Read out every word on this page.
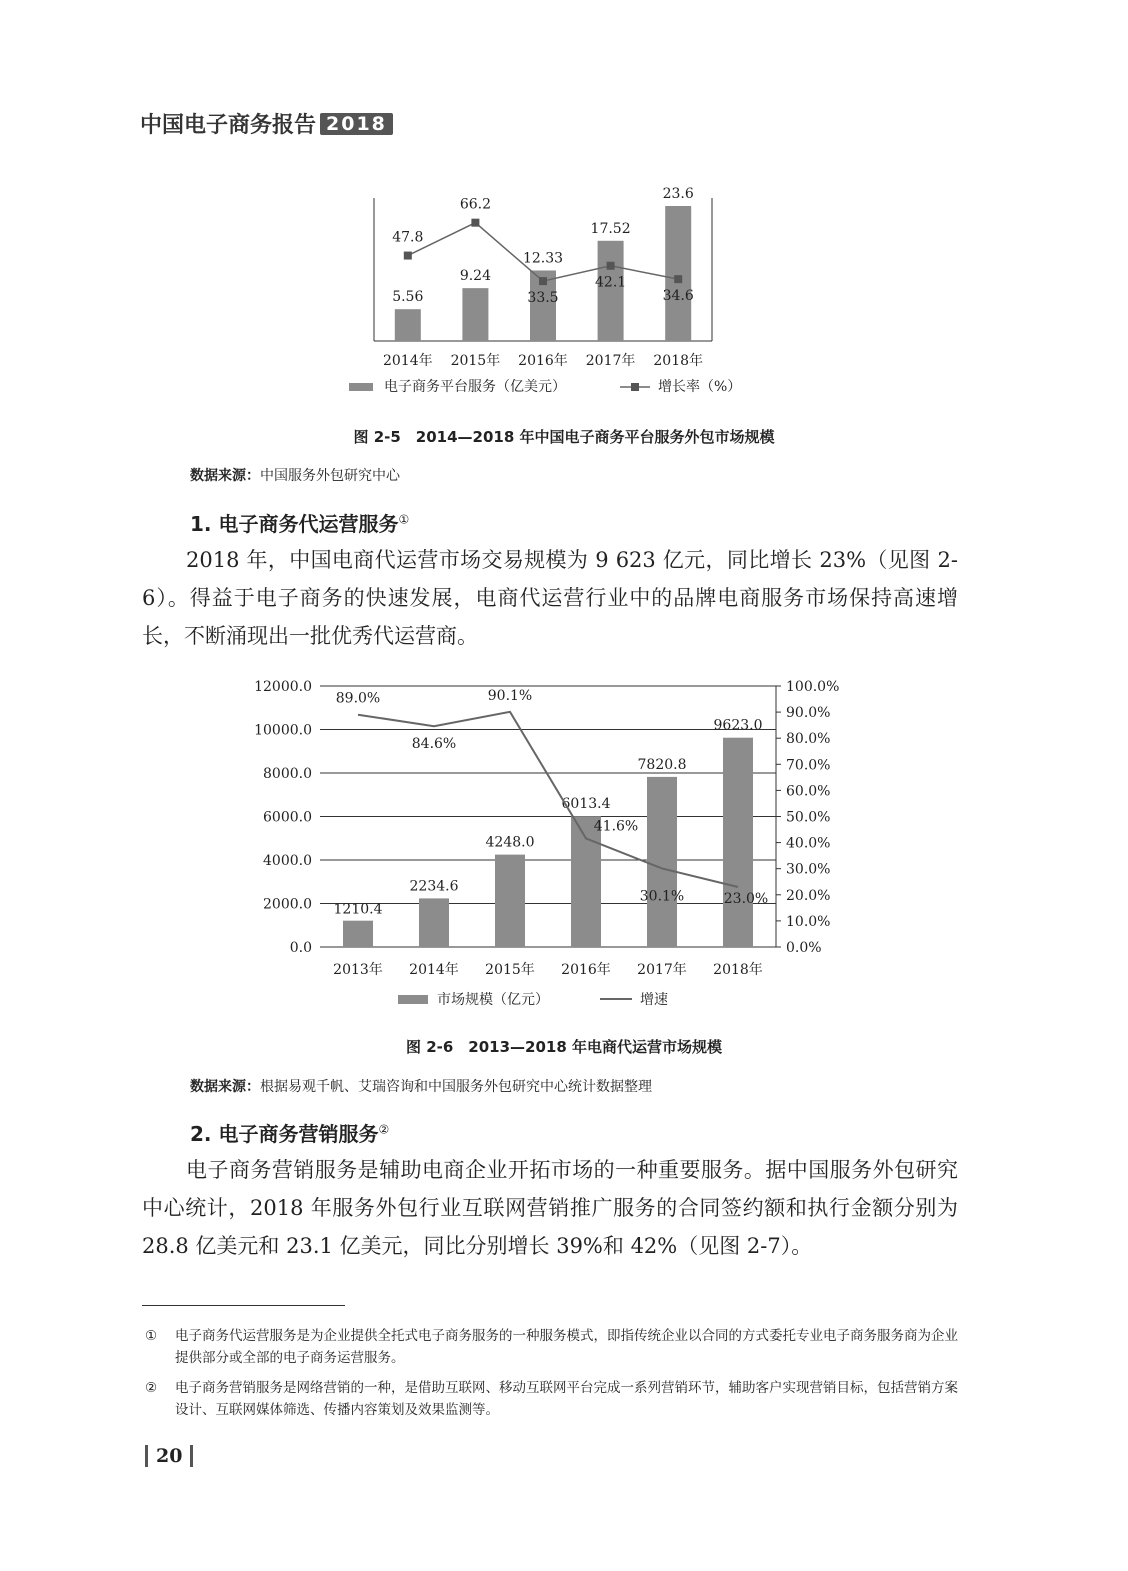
中国电子商务报告 2018
5.56
2014年
9.24
2015年
12.33
2016年
17.52
2017年
23.6
2018年
47.8
66.2
33.5
42.1
34.6
电子商务平台服务（亿美元）	增长率（%）
图 2-5　2014—2018 年中国电子商务平台服务外包市场规模
数据来源：中国服务外包研究中心
1. 电子商务代运营服务①
2018 年，中国电商代运营市场交易规模为 9 623 亿元，同比增长 23%（见图 2-6）。得益于电子商务的快速发展，电商代运营行业中的品牌电商服务市场保持高速增长，不断涌现出一批优秀代运营商。
0.0
2000.0
4000.0
6000.0
8000.0
10000.0
12000.0
0.0%
10.0%
20.0%
30.0%
40.0%
50.0%
60.0%
70.0%
80.0%
90.0%
100.0%
2013年 2014年 2015年 2016年 2017年 2018年
1210.4
2234.6
4248.0
6013.4
7820.8
9623.0
89.0%
84.6%
90.1%
41.6%
30.1%	23.0%
市场规模（亿元）	增速
图 2-6　2013—2018 年电商代运营市场规模
数据来源：根据易观千帆、艾瑞咨询和中国服务外包研究中心统计数据整理
2. 电子商务营销服务②
电子商务营销服务是辅助电商企业开拓市场的一种重要服务。据中国服务外包研究中心统计，2018 年服务外包行业互联网营销推广服务的合同签约额和执行金额分别为 28.8 亿美元和 23.1 亿美元，同比分别增长 39%和 42%（见图 2-7）。
①	电子商务代运营服务是为企业提供全托式电子商务服务的一种服务模式，即指传统企业以合同的方式委托专业电子商务服务商为企业提供部分或全部的电子商务运营服务。
②	电子商务营销服务是网络营销的一种，是借助互联网、移动互联网平台完成一系列营销环节，辅助客户实现营销目标，包括营销方案设计、互联网媒体筛选、传播内容策划及效果监测等。
20
